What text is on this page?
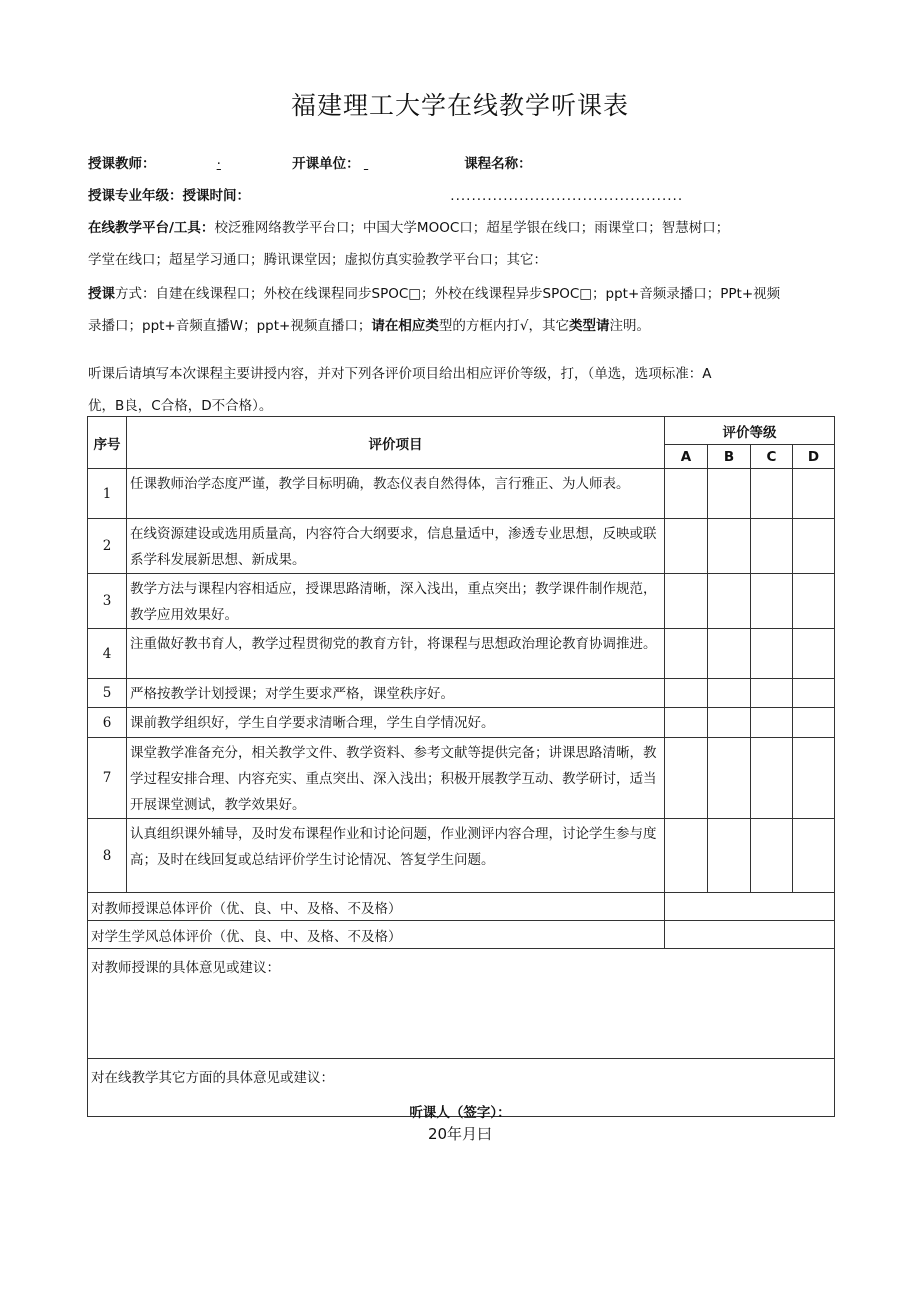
福建理工大学在线教学听课表
授课教师：	·	开课单位：	课程名称：
授课专业年级：授课时间：	............................................
在线教学平台/工具：校泛雅网络教学平台口；中国大学MOOC口；超星学银在线口；雨课堂口；智慧树口；
学堂在线口；超星学习通口；腾讯课堂因；虚拟仿真实验教学平台口；其它：
授课方式：自建在线课程口；外校在线课程同步SPOC□；外校在线课程异步SPOC□；ppt+音频录播口；PPt+视频
录播口；ppt+音频直播W；ppt+视频直播口；请在相应类型的方框内打√，其它类型请注明。
听课后请填写本次课程主要讲授内容，并对下列各评价项目给出相应评价等级，打，（单选，选项标准：A
优，B良，C合格，D不合格）。
序号	评价项目	评价等级			
		A	B	C	D
1	任课教师治学态度严谨，教学目标明确，教态仪表自然得体，言行雅正、为人师表。				
2	在线资源建设或选用质量高，内容符合大纲要求，信息量适中，渗透专业思想，反映或联系学科发展新思想、新成果。				
3	教学方法与课程内容相适应，授课思路清晰，深入浅出，重点突出；教学课件制作规范，教学应用效果好。				
4	注重做好教书育人，教学过程贯彻党的教育方针，将课程与思想政治理论教育协调推进。				
5	严格按教学计划授课；对学生要求严格，课堂秩序好。				
6	课前教学组织好，学生自学要求清晰合理，学生自学情况好。				
7	课堂教学准备充分，相关教学文件、教学资料、参考文献等提供完备；讲课思路清晰，教学过程安排合理、内容充实、重点突出、深入浅出；积极开展教学互动、教学研讨，适当开展课堂测试，教学效果好。				
8	认真组织课外辅导，及时发布课程作业和讨论问题，作业测评内容合理，讨论学生参与度高；及时在线回复或总结评价学生讨论情况、答复学生问题。				
对教师授课总体评价（优、良、中、及格、不及格）					
对学生学风总体评价（优、良、中、及格、不及格）					
对教师授课的具体意见或建议：					
对在线教学其它方面的具体意见或建议：					
听课人（签字）：
20年月曰
